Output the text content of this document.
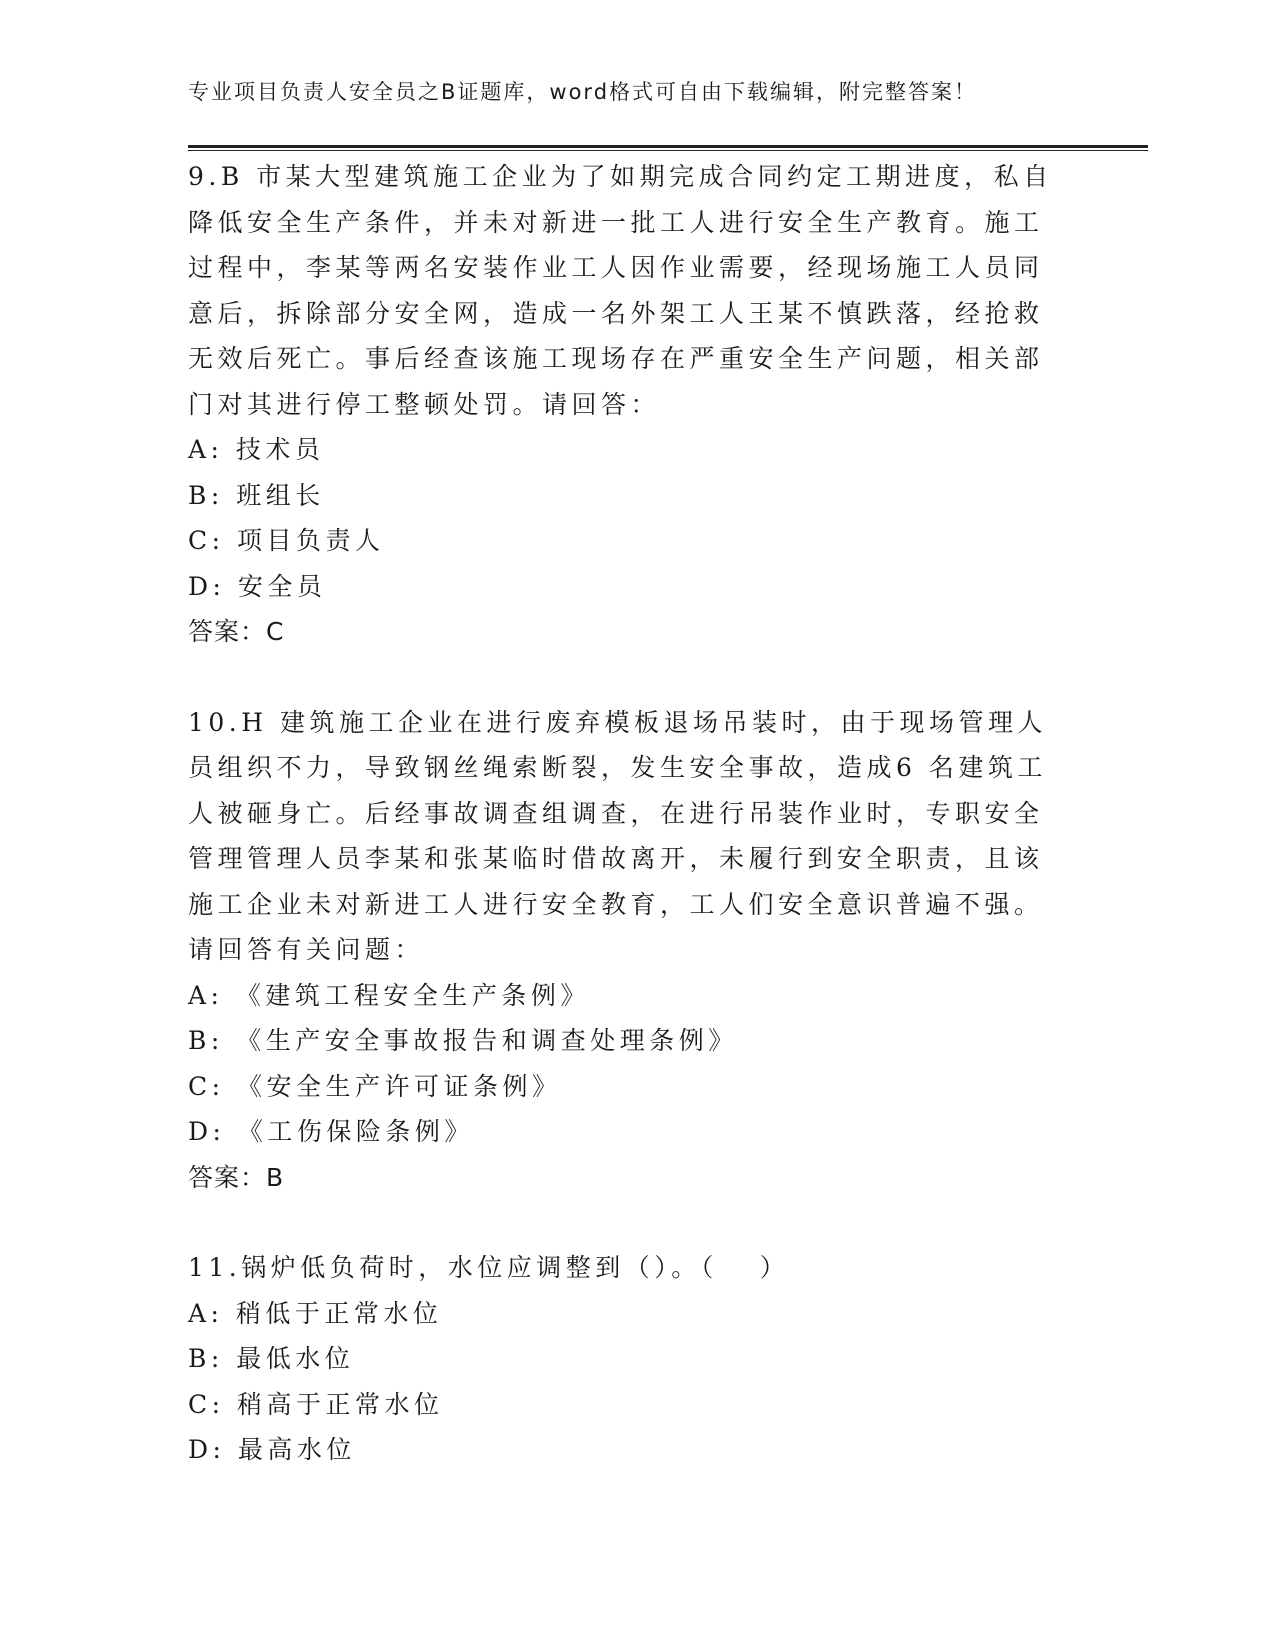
专业项目负责人安全员之B证题库，word格式可自由下载编辑，附完整答案！

9.B 市某大型建筑施工企业为了如期完成合同约定工期进度，私自降低安全生产条件，并未对新进一批工人进行安全生产教育。施工过程中，李某等两名安装作业工人因作业需要，经现场施工人员同意后，拆除部分安全网，造成一名外架工人王某不慎跌落，经抢救无效后死亡。事后经查该施工现场存在严重安全生产问题，相关部门对其进行停工整顿处罚。请回答：

A: 技术员

B: 班组长

C: 项目负责人

D: 安全员

答案：C

10.H 建筑施工企业在进行废弃模板退场吊装时，由于现场管理人员组织不力，导致钢丝绳索断裂，发生安全事故，造成6 名建筑工人被砸身亡。后经事故调查组调查，在进行吊装作业时，专职安全管理管理人员李某和张某临时借故离开，未履行到安全职责，且该施工企业未对新进工人进行安全教育，工人们安全意识普遍不强。请回答有关问题：

A: 《建筑工程安全生产条例》

B: 《生产安全事故报告和调查处理条例》

C: 《安全生产许可证条例》

D: 《工伤保险条例》

答案：B

11.锅炉低负荷时，水位应调整到（）。（　 ）

A: 稍低于正常水位

B: 最低水位

C: 稍高于正常水位

D: 最高水位
